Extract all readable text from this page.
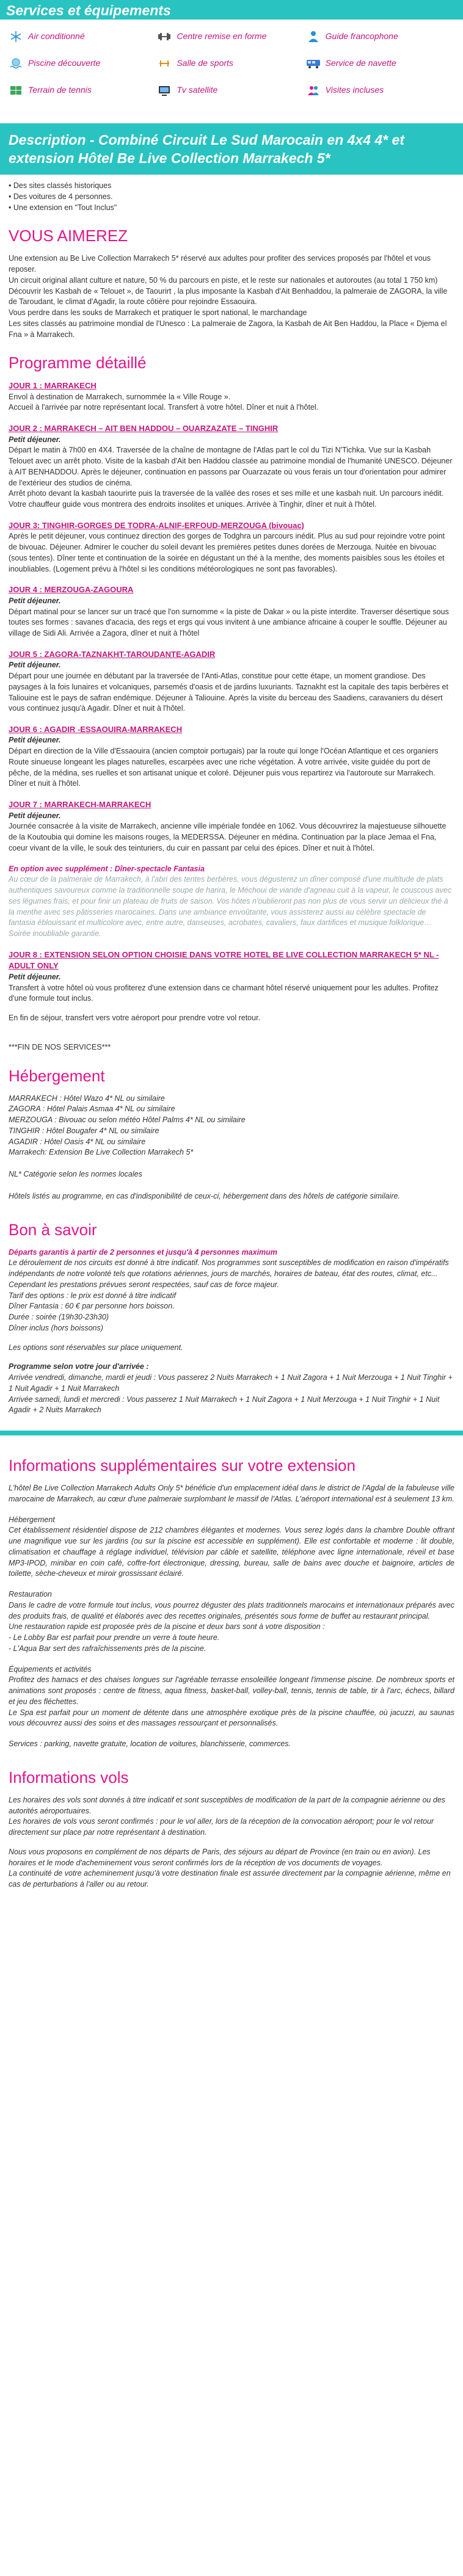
Services et équipements
Air conditionné	Centre remise en forme	Guide francophone
Piscine découverte	Salle de sports	Service de navette
Terrain de tennis	Tv satellite	Visites incluses
Description - Combiné Circuit Le Sud Marocain en 4x4 4* et extension Hôtel Be Live Collection Marrakech 5*
• Des sites classés historiques
• Des voitures de 4 personnes.
• Une extension en "Tout Inclus"
VOUS AIMEREZ

Une extension au Be Live Collection Marrakech 5* réservé aux adultes pour profiter des services proposés par l'hôtel et vous reposer.

Un circuit original allant culture et nature, 50 % du parcours en piste, et le reste sur nationales et autoroutes (au total 1 750 km)

Découvrir les Kasbah de « Telouet », de Taourirt , la plus imposante la Kasbah d'Ait Benhaddou, la palmeraie de ZAGORA, la ville de Taroudant, le climat d'Agadir, la route côtière pour rejoindre Essaouira.

Vous perdre dans les souks de Marrakech et pratiquer le sport national, le marchandage

Les sites classés au patrimoine mondial de l'Unesco : La palmeraie de Zagora, la Kasbah de Ait Ben Haddou, la Place « Djema el Fna » à Marrakech.

Programme détaillé
JOUR 1 : MARRAKECH
Envol à destination de Marrakech, surnommée la « Ville Rouge ».
Accueil à l'arrivée par notre représentant local. Transfert à votre hôtel. Dîner et nuit à l'hôtel.
JOUR 2 : MARRAKECH – AIT BEN HADDOU – OUARZAZATE – TINGHIR
Petit déjeuner.
Départ le matin à 7h00 en 4X4. Traversée de la chaîne de montagne de l'Atlas part le col du Tizi N'Tichka. Vue sur la Kasbah Telouet avec un arrêt photo. Visite de la kasbah d'Ait ben Haddou classée au patrimoine mondial de l'humanité UNESCO. Déjeuner à AIT BENHADDOU. Après le déjeuner, continuation en passons par Ouarzazate où vous ferais un tour d'orientation pour admirer de l'extérieur des studios de cinéma.
Arrêt photo devant la kasbah taourirte puis la traversée de la vallée des roses et ses mille et une kasbah nuit. Un parcours inédit. Votre chauffeur guide vous montrera des endroits insolites et uniques. Arrivée à Tinghir, dîner et nuit à l'hôtel.
JOUR 3: TINGHIR-GORGES DE TODRA-ALNIF-ERFOUD-MERZOUGA (bivouac)
Après le petit déjeuner, vous continuez direction des gorges de Todghra un parcours inédit. Plus au sud pour rejoindre votre point de bivouac. Déjeuner. Admirer le coucher du soleil devant les premières petites dunes dorées de Merzouga. Nuitée en bivouac (sous tentes). Dîner tente et continuation de la soirée en dégustant un thé à la menthe, des moments paisibles sous les étoiles et inoubliables. (Logement prévu à l'hôtel si les conditions météorologiques ne sont pas favorables).
JOUR 4 : MERZOUGA-ZAGOURA
Petit déjeuner.
Départ matinal pour se lancer sur un tracé que l'on surnomme « la piste de Dakar » ou la piste interdite. Traverser désertique sous toutes ses formes : savanes d'acacia, des regs et ergs qui vous invitent à une ambiance africaine à couper le souffle. Déjeuner au village de Sidi Ali. Arrivée a Zagora, dîner et nuit à l'hôtel
JOUR 5 : ZAGORA-TAZNAKHT-TAROUDANTE-AGADIR
Petit déjeuner.
Départ pour une journée en débutant par la traversée de l'Anti-Atlas, constitue pour cette étape, un moment grandiose. Des paysages à la fois lunaires et volcaniques, parsemés d'oasis et de jardins luxuriants. Taznakht est la capitale des tapis berbères et Taliouine est le pays de safran endémique. Déjeuner à Taliouine. Après la visite du berceau des Saadiens, caravaniers du désert vous continuez jusqu'à Agadir. Dîner et nuit à l'hôtel.
JOUR 6 : AGADIR -ESSAOUIRA-MARRAKECH
Petit déjeuner.
Départ en direction de la Ville d'Essaouira (ancien comptoir portugais) par la route qui longe l'Océan Atlantique et ces organiers Route sinueuse longeant les plages naturelles, escarpées avec une riche végétation. À votre arrivée, visite guidée du port de pêche, de la médina, ses ruelles et son artisanat unique et coloré. Déjeuner puis vous repartirez via l'autoroute sur Marrakech. Dîner et nuit à l'hôtel.
JOUR 7 : MARRAKECH-MARRAKECH
Petit déjeuner.
Journée consacrée à la visite de Marrakech, ancienne ville impériale fondée en 1062. Vous découvrirez la majestueuse silhouette de la Koutoubia qui domine les maisons rouges, la MEDERSSA. Déjeuner en médina. Continuation par la place Jemaa el Fna, coeur vivant de la ville, le souk des teinturiers, du cuir en passant par celui des épices. Dîner et nuit à l'hôtel.
En option avec supplément : Dîner-spectacle Fantasia
Au cœur de la palmeraie de Marrakech, à l'abri des tentes berbères, vous dégusterez un dîner composé d'une multitude de plats authentiques savoureux comme la traditionnelle soupe de harira, le Méchoui de viande d'agneau cuit à la vapeur, le couscous avec ses légumes frais, et pour finir un plateau de fruits de saison. Vos hôtes n'oublieront pas non plus de vous servir un délicieux thé à la menthe avec ses pâtisseries marocaines. Dans une ambiance envoûtante, vous assisterez aussi au célèbre spectacle de fantasia éblouissant et multicolore avec, entre autre, danseuses, acrobates, cavaliers, faux dartifices et musique folklorique… Soirée inoubliable garantie.
JOUR 8 : EXTENSION SELON OPTION CHOISIE DANS VOTRE HOTEL BE LIVE COLLECTION MARRAKECH 5* NL - ADULT ONLY
Petit déjeuner.
Transfert à votre hôtel où vous profiterez d'une extension dans ce charmant hôtel réservé uniquement pour les adultes. Profitez d'une formule tout inclus.
En fin de séjour, transfert vers votre aéroport pour prendre votre vol retour.
***FIN DE NOS SERVICES***
Hébergement

MARRAKECH : Hôtel Wazo 4* NL ou similaire

ZAGORA : Hôtel Palais Asmaa 4* NL ou similaire

MERZOUGA : Bivouac ou selon météo Hôtel Palms 4* NL ou similaire

TINGHIR : Hôtel Bougafer 4* NL ou similaire

AGADIR : Hôtel Oasis 4* NL ou similaire

Marrakech: Extension Be Live Collection Marrakech 5*

NL* Catégorie selon les normes locales

Hôtels listés au programme, en cas d'indisponibilité de ceux-ci, hébergement dans des hôtels de catégorie similaire.

Bon à savoir

Départs garantis à partir de 2 personnes et jusqu'à 4 personnes maximum

Le déroulement de nos circuits est donné à titre indicatif. Nos programmes sont susceptibles de modification en raison d'impératifs indépendants de notre volonté tels que rotations aériennes, jours de marchés, horaires de bateau, état des routes, climat, etc... Cependant les prestations prévues seront respectées, sauf cas de force majeur.

Tarif des options : le prix est donné à titre indicatif

Dîner Fantasia : 60 € par personne hors boisson.

Durée : soirée (19h30-23h30)

Dîner inclus (hors boissons)

Les options sont réservables sur place uniquement.

Programme selon votre jour d'arrivée :

Arrivée vendredi, dimanche, mardi et jeudi : Vous passerez 2 Nuits Marrakech + 1 Nuit Zagora + 1 Nuit Merzouga + 1 Nuit Tinghir + 1 Nuit Agadir + 1 Nuit Marrakech

Arrivée samedi, lundi et mercredi : Vous passerez 1 Nuit Marrakech + 1 Nuit Zagora + 1 Nuit Merzouga + 1 Nuit Tinghir + 1 Nuit Agadir + 2 Nuits Marrakech

Informations supplémentaires sur votre extension

L'hôtel Be Live Collection Marrakech Adults Only 5* bénéficie d'un emplacement idéal dans le district de l'Agdal de la fabuleuse ville marocaine de Marrakech, au cœur d'une palmeraie surplombant le massif de l'Atlas. L'aéroport international est à seulement 13 km.

Hébergement

Cet établissement résidentiel dispose de 212 chambres élégantes et modernes. Vous serez logés dans la chambre Double offrant une magnifique vue sur les jardins (ou sur la piscine est accessible en supplément). Elle est confortable et moderne : lit double, climatisation et chauffage à réglage individuel, télévision par câble et satellite, téléphone avec ligne internationale, réveil et base MP3-IPOD, minibar en coin café, coffre-fort électronique, dressing, bureau, salle de bains avec douche et baignoire, articles de toilette, sèche-cheveux et miroir grossissant éclairé.

Restauration

Dans le cadre de votre formule tout inclus, vous pourrez déguster des plats traditionnels marocains et internationaux préparés avec des produits frais, de qualité et élaborés avec des recettes originales, présentés sous forme de buffet au restaurant principal.
Une restauration rapide est proposée près de la piscine et deux bars sont à votre disposition :
- Le Lobby Bar est parfait pour prendre un verre à toute heure.
- L'Aqua Bar sert des rafraîchissements près de la piscine.

Équipements et activités

Profitez des hamacs et des chaises longues sur l'agréable terrasse ensoleillée longeant l'immense piscine. De nombreux sports et animations sont proposés : centre de fitness, aqua fitness, basket-ball, volley-ball, tennis, tennis de table, tir à l'arc, échecs, billard et jeu des fléchettes.
Le Spa est parfait pour un moment de détente dans une atmosphère exotique près de la piscine chauffée, où jacuzzi, au saunas vous découvrez aussi des soins et des massages ressourçant et personnalisés.

Services : parking, navette gratuite, location de voitures, blanchisserie, commerces.

Informations vols

Les horaires des vols sont donnés à titre indicatif et sont susceptibles de modification de la part de la compagnie aérienne ou des autorités aéroportuaires.

Les horaires de vols vous seront confirmés : pour le vol aller, lors de la réception de la convocation aéroport; pour le vol retour directement sur place par notre représentant à destination.

Nous vous proposons en complément de nos départs de Paris, des séjours au départ de Province (en train ou en avion). Les horaires et le mode d'acheminement vous seront confirmés lors de la réception de vos documents de voyages.

La continuité de votre acheminement jusqu'à votre destination finale est assurée directement par la compagnie aérienne, même en cas de perturbations à l'aller ou au retour.
